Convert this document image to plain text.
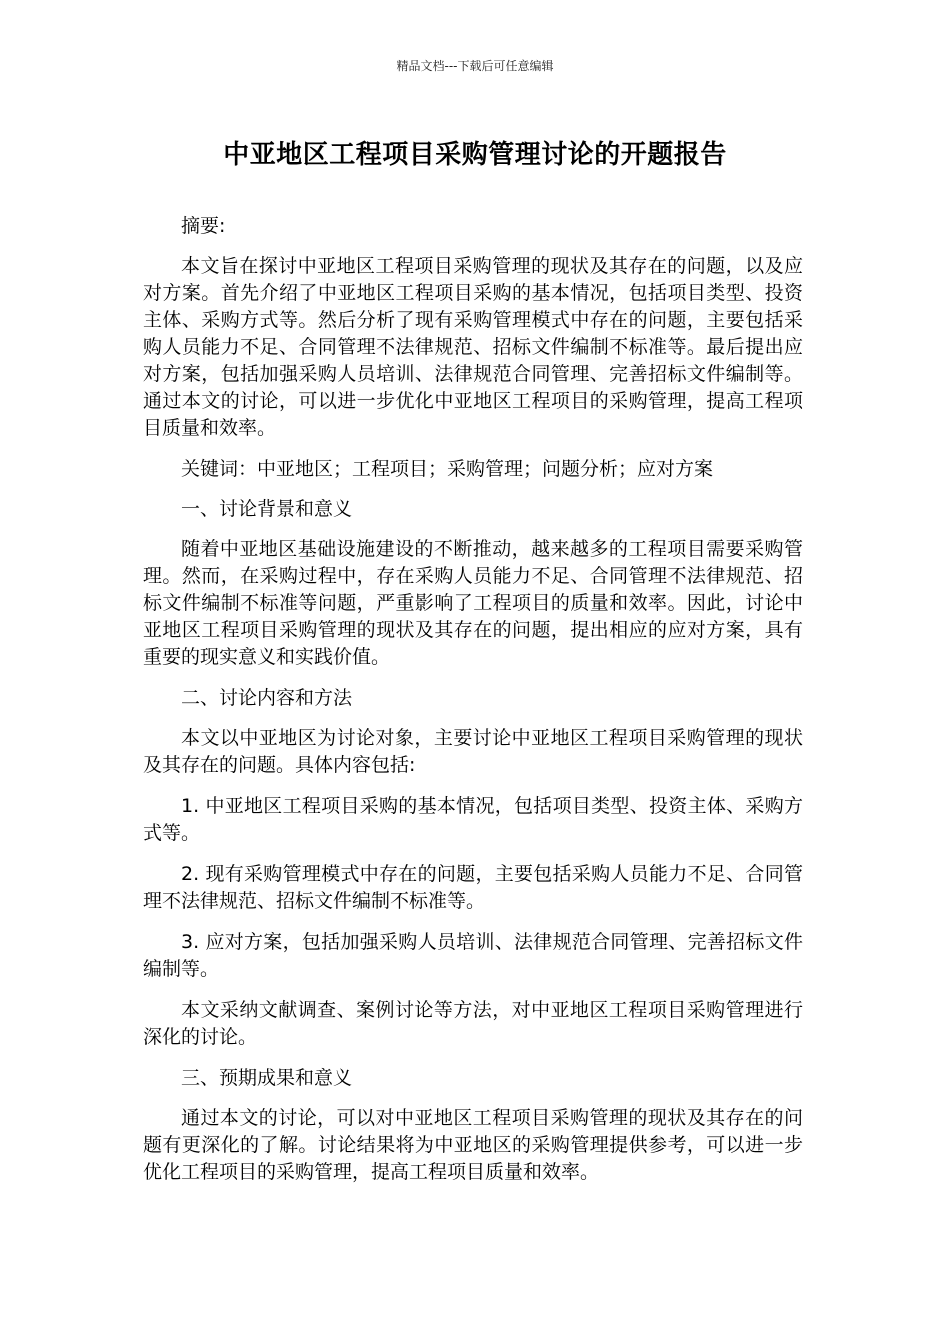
精品文档---下载后可任意编辑
中亚地区工程项目采购管理讨论的开题报告

摘要:

本文旨在探讨中亚地区工程项目采购管理的现状及其存在的问题，以及应对方案。首先介绍了中亚地区工程项目采购的基本情况，包括项目类型、投资主体、采购方式等。然后分析了现有采购管理模式中存在的问题，主要包括采购人员能力不足、合同管理不法律规范、招标文件编制不标准等。最后提出应对方案，包括加强采购人员培训、法律规范合同管理、完善招标文件编制等。通过本文的讨论，可以进一步优化中亚地区工程项目的采购管理，提高工程项目质量和效率。

关键词：中亚地区；工程项目；采购管理；问题分析；应对方案

一、讨论背景和意义

随着中亚地区基础设施建设的不断推动，越来越多的工程项目需要采购管理。然而，在采购过程中，存在采购人员能力不足、合同管理不法律规范、招标文件编制不标准等问题，严重影响了工程项目的质量和效率。因此，讨论中亚地区工程项目采购管理的现状及其存在的问题，提出相应的应对方案，具有重要的现实意义和实践价值。

二、讨论内容和方法

本文以中亚地区为讨论对象，主要讨论中亚地区工程项目采购管理的现状及其存在的问题。具体内容包括:

1. 中亚地区工程项目采购的基本情况，包括项目类型、投资主体、采购方式等。

2. 现有采购管理模式中存在的问题，主要包括采购人员能力不足、合同管理不法律规范、招标文件编制不标准等。

3. 应对方案，包括加强采购人员培训、法律规范合同管理、完善招标文件编制等。

本文采纳文献调查、案例讨论等方法，对中亚地区工程项目采购管理进行深化的讨论。

三、预期成果和意义

通过本文的讨论，可以对中亚地区工程项目采购管理的现状及其存在的问题有更深化的了解。讨论结果将为中亚地区的采购管理提供参考，可以进一步优化工程项目的采购管理，提高工程项目质量和效率。
